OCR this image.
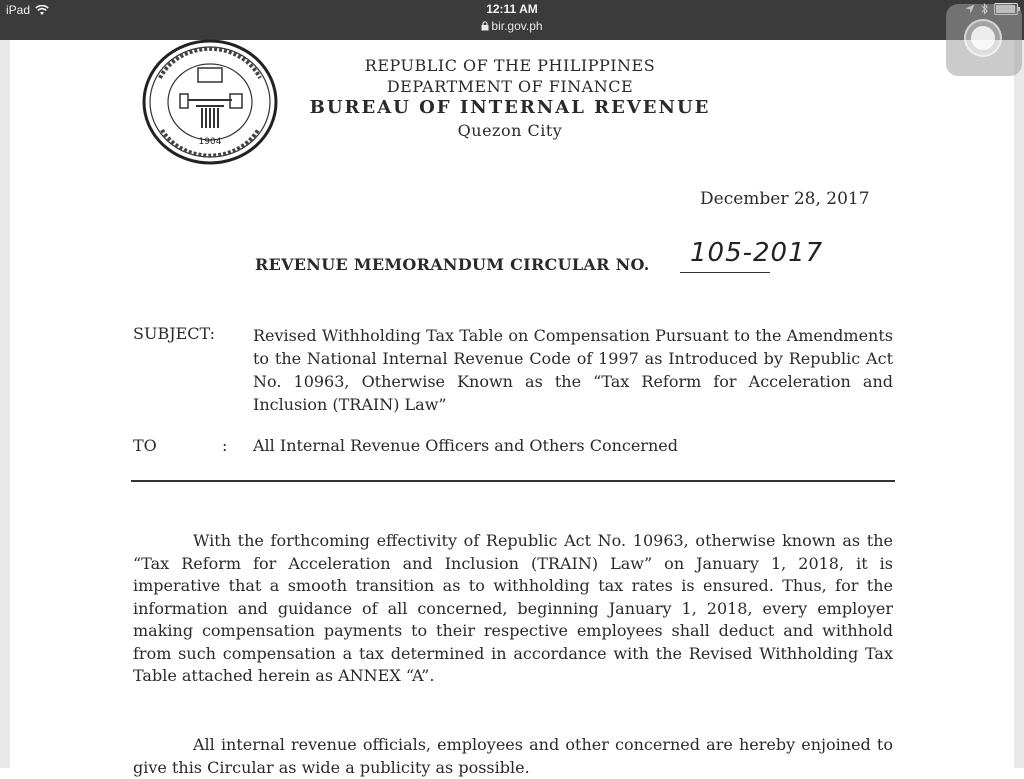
iPad	12:11 AM
bir.gov.ph
1904
REPUBLIC OF THE PHILIPPINES
DEPARTMENT OF FINANCE
BUREAU OF INTERNAL REVENUE
Quezon City
December 28, 2017
REVENUE MEMORANDUM CIRCULAR NO. 105-2017
SUBJECT: Revised Withholding Tax Table on Compensation Pursuant to the Amendments to the National Internal Revenue Code of 1997 as Introduced by Republic Act No. 10963, Otherwise Known as the “Tax Reform for Acceleration and Inclusion (TRAIN) Law”
TO	: All Internal Revenue Officers and Others Concerned
With the forthcoming effectivity of Republic Act No. 10963, otherwise known as the “Tax Reform for Acceleration and Inclusion (TRAIN) Law” on January 1, 2018, it is imperative that a smooth transition as to withholding tax rates is ensured. Thus, for the information and guidance of all concerned, beginning January 1, 2018, every employer making compensation payments to their respective employees shall deduct and withhold from such compensation a tax determined in accordance with the Revised Withholding Tax Table attached herein as ANNEX “A”.
All internal revenue officials, employees and other concerned are hereby enjoined to give this Circular as wide a publicity as possible.
